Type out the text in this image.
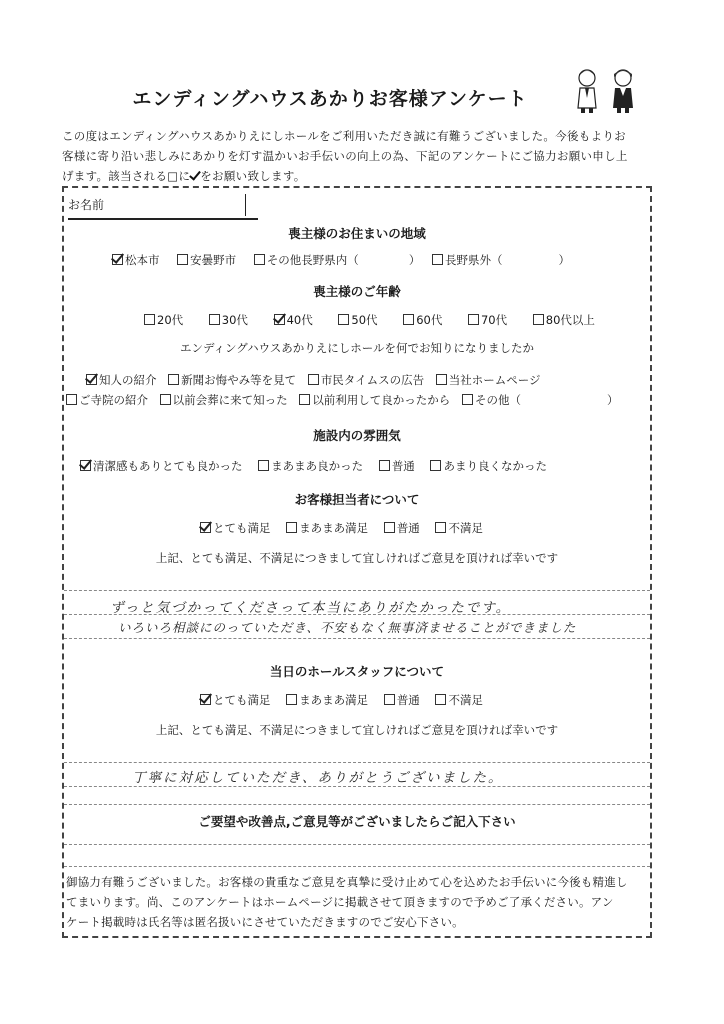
エンディングハウスあかりお客様アンケート
この度はエンディングハウスあかりえにしホールをご利用いただき誠に有難うございました。今後もよりお
客様に寄り沿い悲しみにあかりを灯す温かいお手伝いの向上の為、下記のアンケートにご協力お願い申し上
げます。該当される□に をお願い致します。
お名前
喪主様のお住まいの地域
松本市	安曇野市	その他長野県内（	） 長野県外（	）
喪主様のご年齢
20代	30代	40代	50代	60代	70代	80代以上
エンディングハウスあかりえにしホールを何でお知りになりましたか
知人の紹介 新聞お悔やみ等を見て 市民タイムスの広告 当社ホームページ
ご寺院の紹介 以前会葬に来て知った 以前利用して良かったから その他（	）
施設内の雰囲気
清潔感もありとても良かった まあまあ良かった 普通 あまり良くなかった
お客様担当者について
とても満足 まあまあ満足 普通 不満足
上記、とても満足、不満足につきまして宜しければご意見を頂ければ幸いです
ずっと気づかってくださって本当にありがたかったです。
いろいろ相談にのっていただき、不安もなく無事済ませることができました
当日のホールスタッフについて
とても満足 まあまあ満足 普通 不満足
上記、とても満足、不満足につきまして宜しければご意見を頂ければ幸いです
丁寧に対応していただき、ありがとうございました。
ご要望や改善点,ご意見等がございましたらご記入下さい
御協力有難うございました。お客様の貴重なご意見を真摯に受け止めて心を込めたお手伝いに今後も精進し
てまいります。尚、このアンケートはホームページに掲載させて頂きますので予めご了承ください。アン
ケート掲載時は氏名等は匿名扱いにさせていただきますのでご安心下さい。
